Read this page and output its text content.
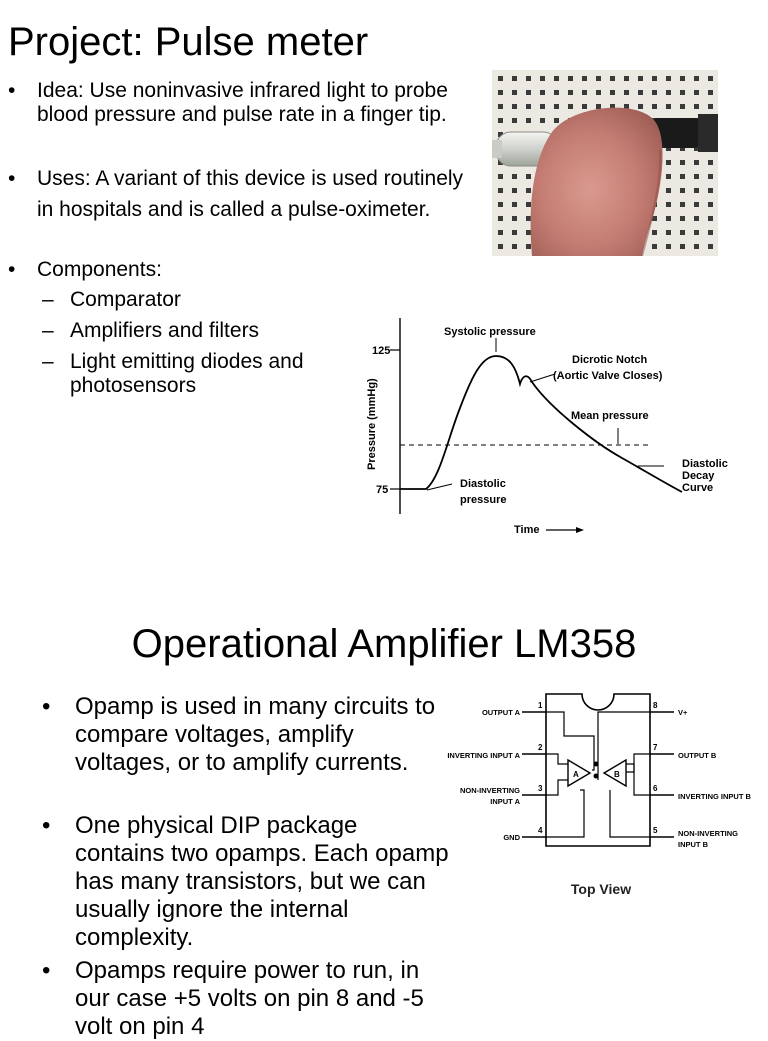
Project: Pulse meter
•	Idea: Use noninvasive infrared light to probe blood pressure and pulse rate in a finger tip.
•	Uses: A variant of this device is used routinely in hospitals and is called a pulse-oximeter.
•	Components:
– Comparator
– Amplifiers and filters
– Light emitting diodes and photosensors
125
75
Pressure (mmHg)
Systolic pressure
Dicrotic Notch
(Aortic Valve Closes)
Mean pressure
Diastolic
pressure
Diastolic
Decay
Curve
Time
Operational Amplifier LM358
•	Opamp is used in many circuits to compare voltages, amplify voltages, or to amplify currents.
•	One physical DIP package contains two opamps. Each opamp has many transistors, but we can usually ignore the internal complexity.
•	Opamps require power to run, in our case +5 volts on pin 8 and -5 volt on pin 4
1
2
3
4
8
7
6
5
OUTPUT A
INVERTING INPUT A
NON-INVERTING
INPUT A
GND
V+
OUTPUT B
INVERTING INPUT B
NON-INVERTING
INPUT B
A	B
Top View
